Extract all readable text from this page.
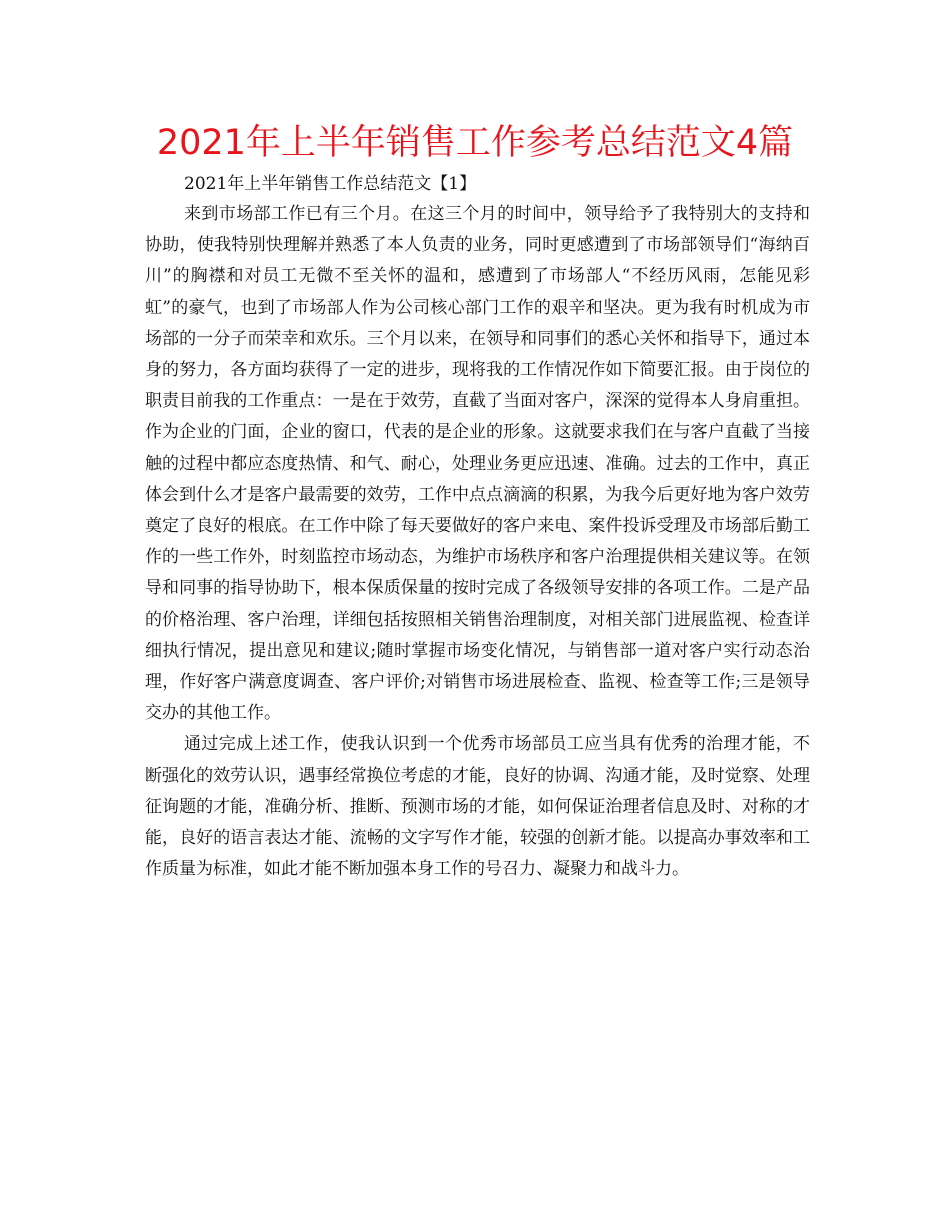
2021年上半年销售工作参考总结范文4篇
2021年上半年销售工作总结范文【1】

来到市场部工作已有三个月。在这三个月的时间中，领导给予了我特别大的支持和协助，使我特别快理解并熟悉了本人负责的业务，同时更感遭到了市场部领导们“海纳百川”的胸襟和对员工无微不至关怀的温和，感遭到了市场部人“不经历风雨，怎能见彩虹”的豪气，也到了市场部人作为公司核心部门工作的艰辛和坚决。更为我有时机成为市场部的一分子而荣幸和欢乐。三个月以来，在领导和同事们的悉心关怀和指导下，通过本身的努力，各方面均获得了一定的进步，现将我的工作情况作如下简要汇报。由于岗位的职责目前我的工作重点：一是在于效劳，直截了当面对客户，深深的觉得本人身肩重担。作为企业的门面，企业的窗口，代表的是企业的形象。这就要求我们在与客户直截了当接触的过程中都应态度热情、和气、耐心，处理业务更应迅速、准确。过去的工作中，真正体会到什么才是客户最需要的效劳，工作中点点滴滴的积累，为我今后更好地为客户效劳奠定了良好的根底。在工作中除了每天要做好的客户来电、案件投诉受理及市场部后勤工作的一些工作外，时刻监控市场动态，为维护市场秩序和客户治理提供相关建议等。在领导和同事的指导协助下，根本保质保量的按时完成了各级领导安排的各项工作。二是产品的价格治理、客户治理，详细包括按照相关销售治理制度，对相关部门进展监视、检查详细执行情况，提出意见和建议;随时掌握市场变化情况，与销售部一道对客户实行动态治理，作好客户满意度调查、客户评价;对销售市场进展检查、监视、检查等工作;三是领导交办的其他工作。

通过完成上述工作，使我认识到一个优秀市场部员工应当具有优秀的治理才能，不断强化的效劳认识，遇事经常换位考虑的才能，良好的协调、沟通才能，及时觉察、处理征询题的才能，准确分析、推断、预测市场的才能，如何保证治理者信息及时、对称的才能，良好的语言表达才能、流畅的文字写作才能，较强的创新才能。以提高办事效率和工作质量为标准，如此才能不断加强本身工作的号召力、凝聚力和战斗力。
